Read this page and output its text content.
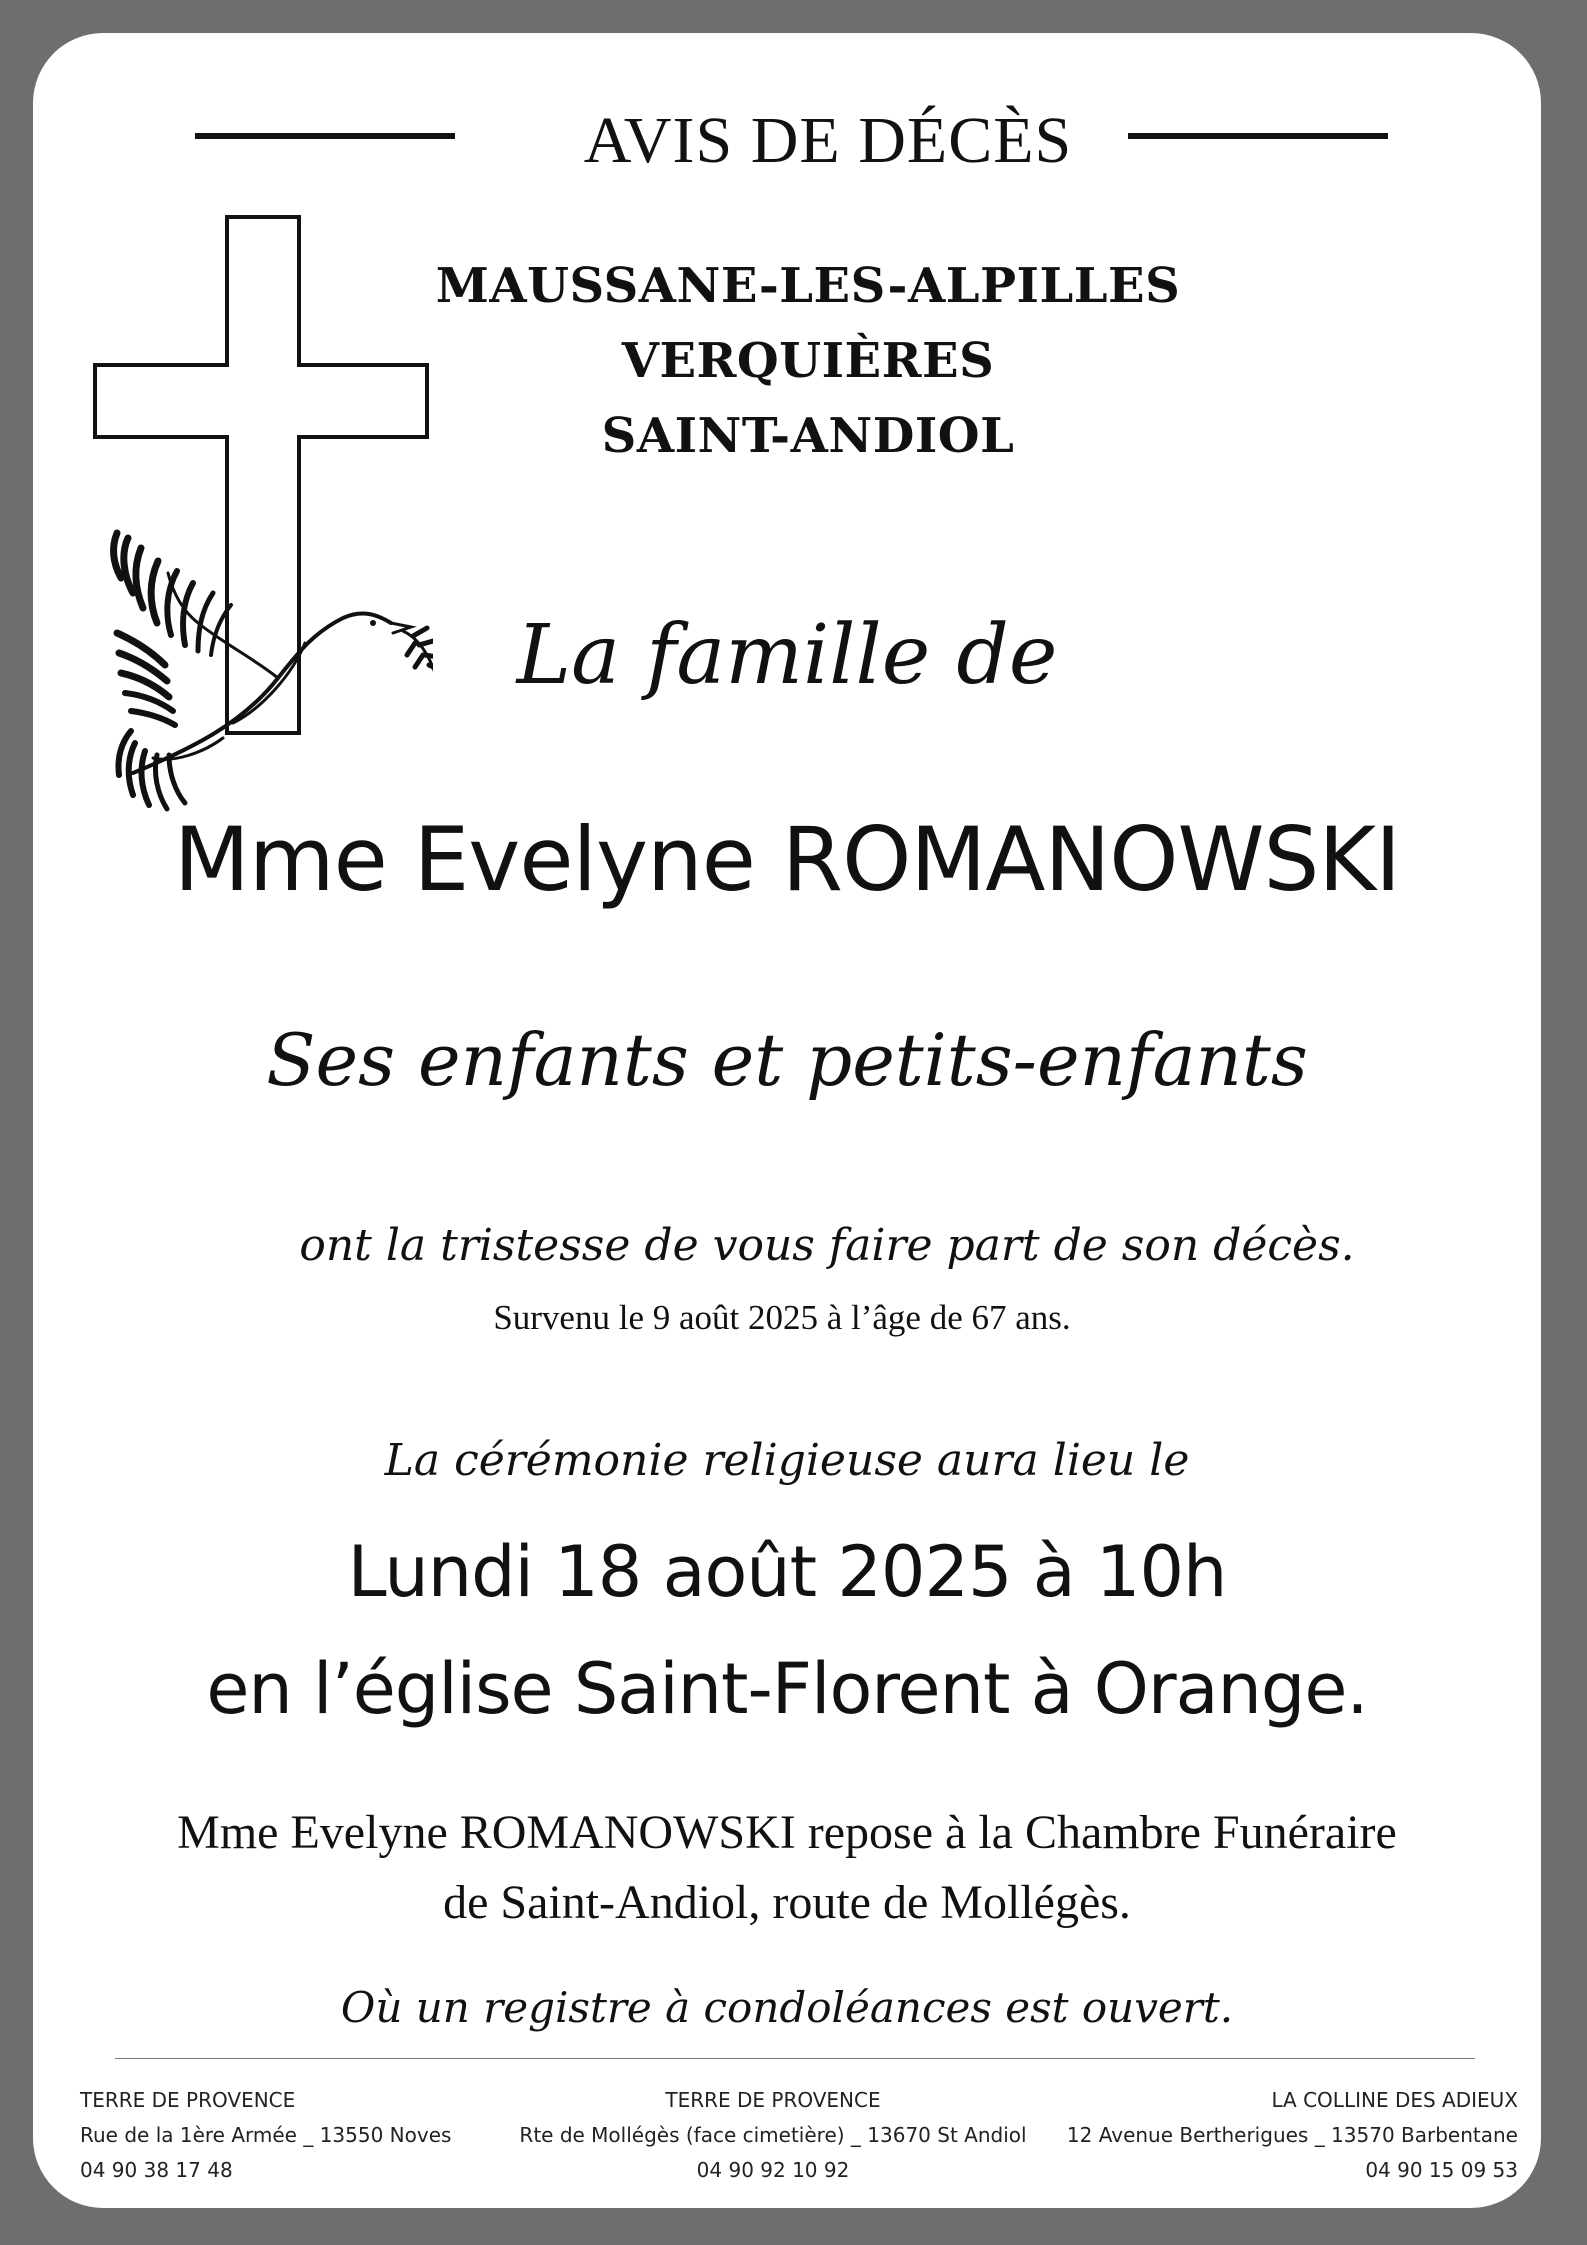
AVIS DE DÉCÈS
MAUSSANE-LES-ALPILLES
VERQUIÈRES
SAINT-ANDIOL
La famille de
Mme Evelyne ROMANOWSKI
Ses enfants et petits-enfants
ont la tristesse de vous faire part de son décès.
Survenu le 9 août 2025 à l’âge de 67 ans.
La cérémonie religieuse aura lieu le
Lundi 18 août 2025 à 10h
en l’église Saint-Florent à Orange.
Mme Evelyne ROMANOWSKI repose à la Chambre Funéraire
de Saint-Andiol, route de Mollégès.
Où un registre à condoléances est ouvert.
TERRE DE PROVENCE
Rue de la 1ère Armée _ 13550 Noves
04 90 38 17 48
TERRE DE PROVENCE
Rte de Mollégès (face cimetière) _ 13670 St Andiol
04 90 92 10 92
LA COLLINE DES ADIEUX
12 Avenue Bertherigues _ 13570 Barbentane
04 90 15 09 53
